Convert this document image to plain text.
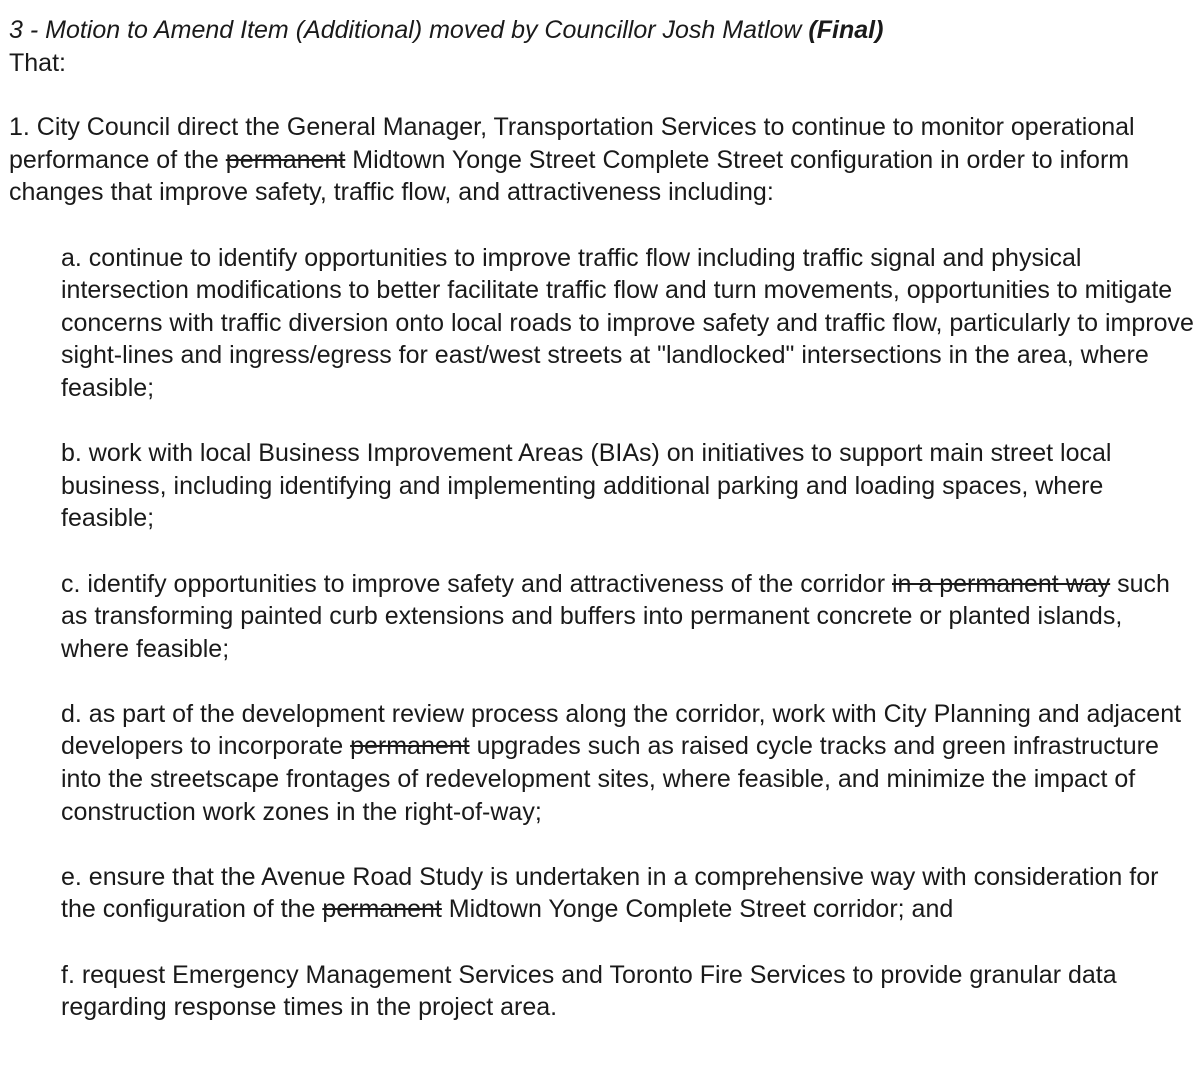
3 - Motion to Amend Item (Additional) moved by Councillor Josh Matlow (Final)

That:

1. City Council direct the General Manager, Transportation Services to continue to monitor operational performance of the permanent Midtown Yonge Street Complete Street configuration in order to inform changes that improve safety, traffic flow, and attractiveness including:

a. continue to identify opportunities to improve traffic flow including traffic signal and physical intersection modifications to better facilitate traffic flow and turn movements, opportunities to mitigate concerns with traffic diversion onto local roads to improve safety and traffic flow, particularly to improve sight-lines and ingress/egress for east/west streets at "landlocked" intersections in the area, where feasible;

b. work with local Business Improvement Areas (BIAs) on initiatives to support main street local business, including identifying and implementing additional parking and loading spaces, where feasible;

c. identify opportunities to improve safety and attractiveness of the corridor in a permanent way such as transforming painted curb extensions and buffers into permanent concrete or planted islands, where feasible;

d. as part of the development review process along the corridor, work with City Planning and adjacent developers to incorporate permanent upgrades such as raised cycle tracks and green infrastructure into the streetscape frontages of redevelopment sites, where feasible, and minimize the impact of construction work zones in the right-of-way;

e. ensure that the Avenue Road Study is undertaken in a comprehensive way with consideration for the configuration of the permanent Midtown Yonge Complete Street corridor; and

f. request Emergency Management Services and Toronto Fire Services to provide granular data regarding response times in the project area.
